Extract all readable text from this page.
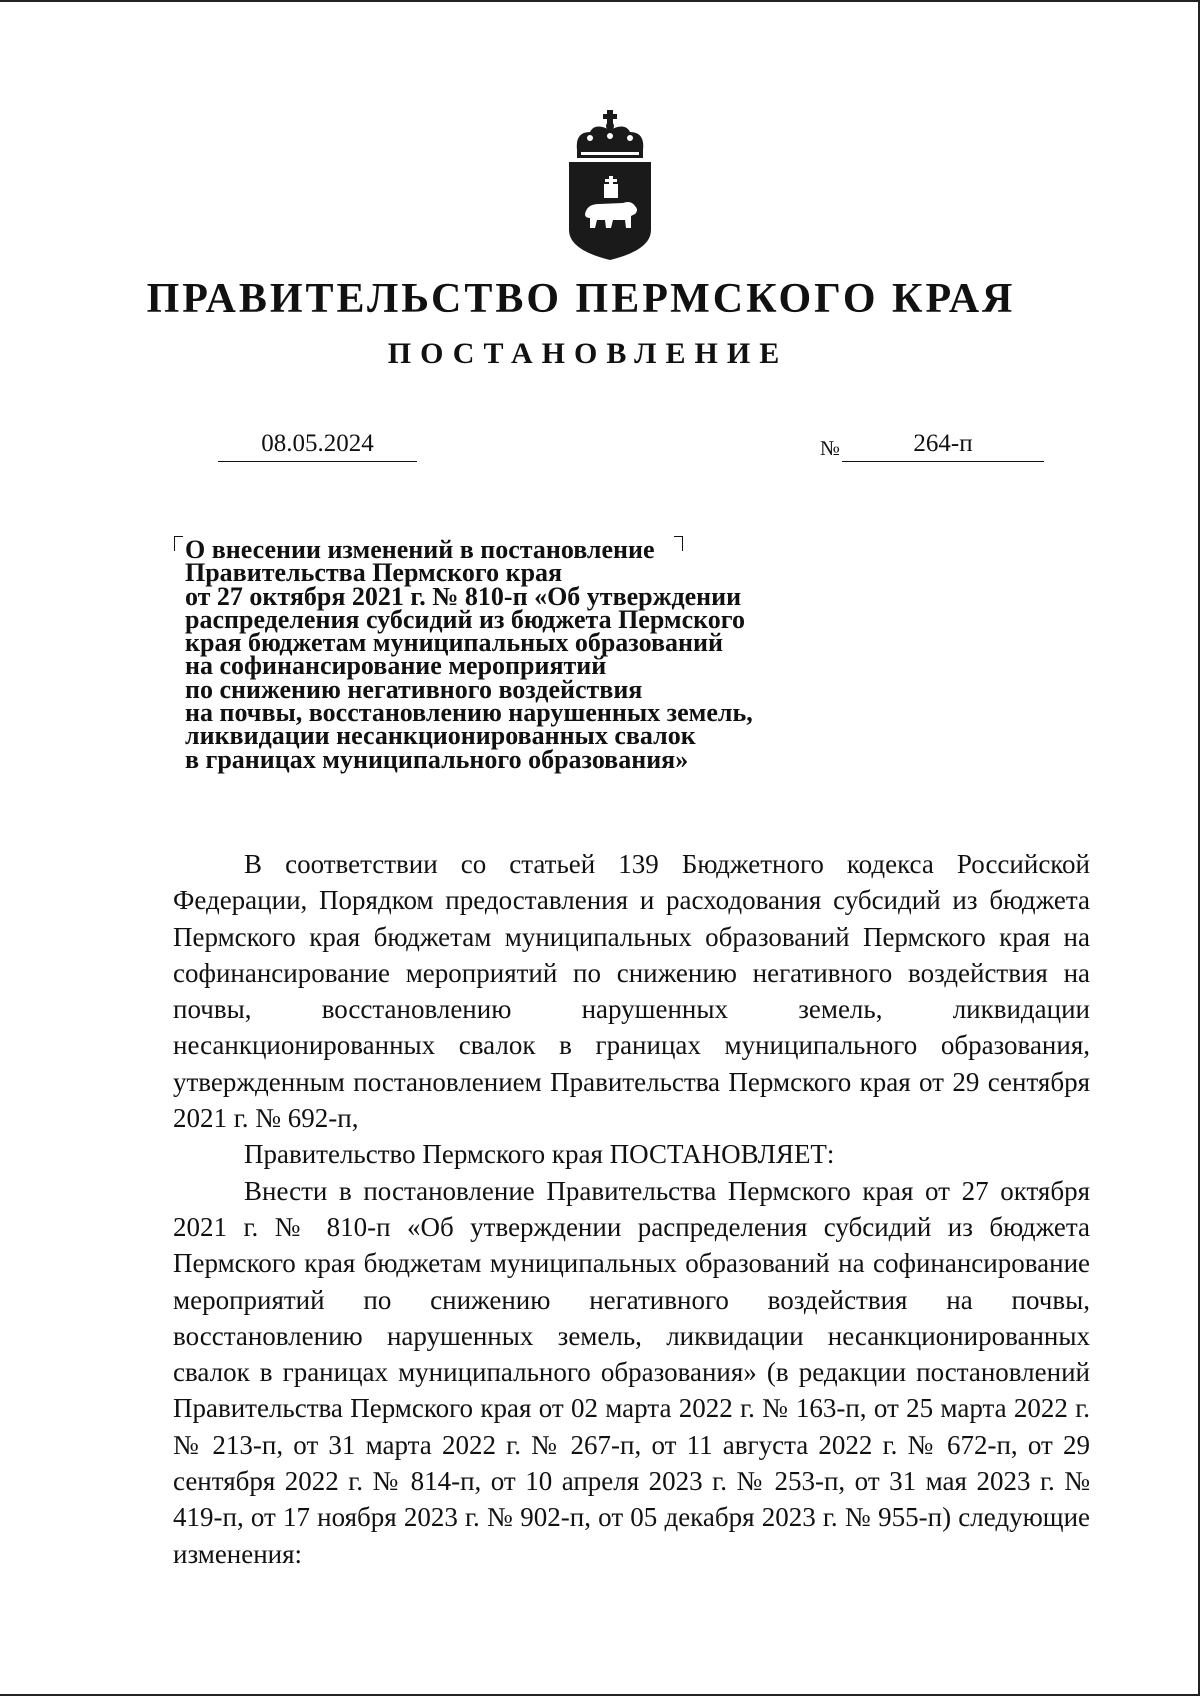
ПРАВИТЕЛЬСТВО ПЕРМСКОГО КРАЯ
ПОСТАНОВЛЕНИЕ
08.05.2024	№	264-п
О внесении изменений в постановление
Правительства Пермского края
от 27 октября 2021 г. № 810-п «Об утверждении
распределения субсидий из бюджета Пермского
края бюджетам муниципальных образований
на софинансирование мероприятий
по снижению негативного воздействия
на почвы, восстановлению нарушенных земель,
ликвидации несанкционированных свалок
в границах муниципального образования»

В соответствии со статьей 139 Бюджетного кодекса Российской Федерации, Порядком предоставления и расходования субсидий из бюджета Пермского края бюджетам муниципальных образований Пермского края на софинансирование мероприятий по снижению негативного воздействия на почвы, восстановлению нарушенных земель, ликвидации несанкционированных свалок в границах муниципального образования, утвержденным постановлением Правительства Пермского края от 29 сентября 2021 г. № 692-п,

Правительство Пермского края ПОСТАНОВЛЯЕТ:

Внести в постановление Правительства Пермского края от 27 октября 2021 г. № 810-п «Об утверждении распределения субсидий из бюджета Пермского края бюджетам муниципальных образований на софинансирование мероприятий по снижению негативного воздействия на почвы, восстановлению нарушенных земель, ликвидации несанкционированных свалок в границах муниципального образования» (в редакции постановлений Правительства Пермского края от 02 марта 2022 г. № 163-п, от 25 марта 2022 г. № 213-п, от 31 марта 2022 г. № 267-п, от 11 августа 2022 г. № 672-п, от 29 сентября 2022 г. № 814-п, от 10 апреля 2023 г. № 253-п, от 31 мая 2023 г. № 419-п, от 17 ноября 2023 г. № 902-п, от 05 декабря 2023 г. № 955-п) следующие изменения:
